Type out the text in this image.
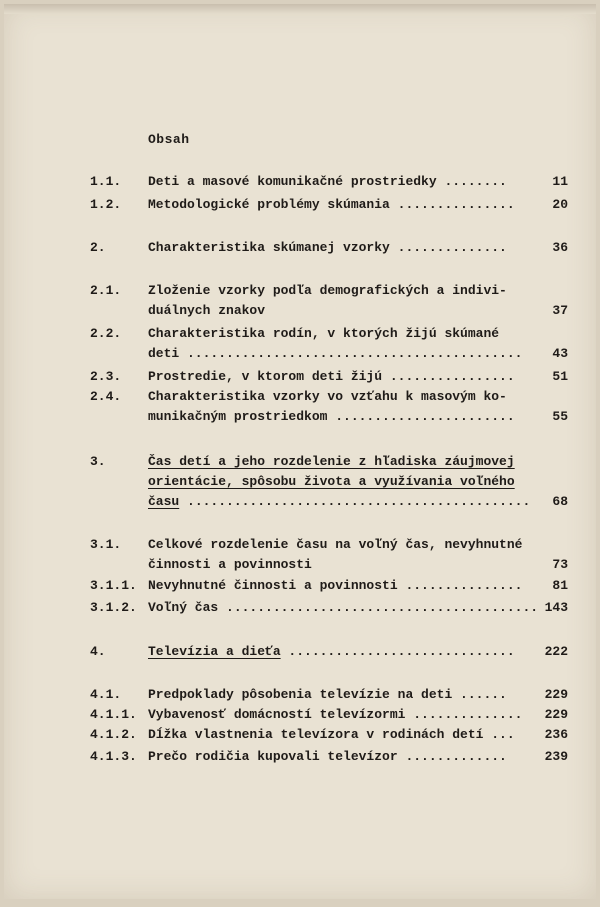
Obsah
1.1. Deti a masové komunikačné prostriedky ........	11
1.2. Metodologické problémy skúmania ...............	20
2.	Charakteristika skúmanej vzorky ..............	36
2.1. Zloženie vzorky podľa demografických a indivi-
duálnych znakov	37
2.2. Charakteristika rodín, v ktorých žijú skúmané
deti ........................................... 43
2.3. Prostredie, v ktorom deti žijú ................	51
2.4. Charakteristika vzorky vo vzťahu k masovým ko-
munikačným prostriedkom .......................	55
3.	Čas detí a jeho rozdelenie z hľadiska záujmovej
orientácie, spôsobu života a využívania voľného
času ............................................ 68
3.1. Celkové rozdelenie času na voľný čas, nevyhnutné
činnosti a povinnosti	73
3.1.1. Nevyhnutné činnosti a povinnosti ............... 81
3.1.2. Voľný čas ........................................ 143
4.	Televízia a dieťa ............................. 222
4.1. Predpoklady pôsobenia televízie na deti ......	229
4.1.1. Vybavenosť domácností televízormi .............. 229
4.1.2. Dĺžka vlastnenia televízora v rodinách detí ... 236
4.1.3. Prečo rodičia kupovali televízor .............	239
